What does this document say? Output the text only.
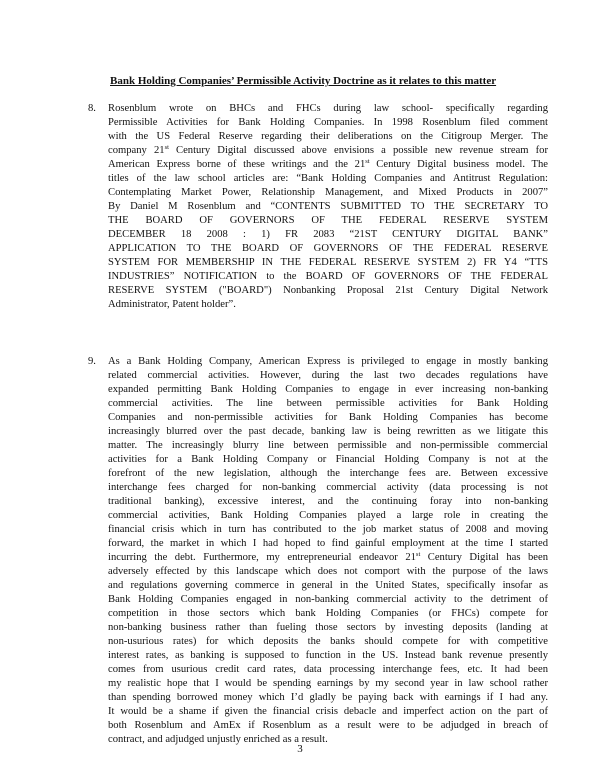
Bank Holding Companies’ Permissible Activity Doctrine as it relates to this matter
8. Rosenblum wrote on BHCs and FHCs during law school- specifically regarding
Permissible Activities for Bank Holding Companies. In 1998 Rosenblum filed comment
with the US Federal Reserve regarding their deliberations on the Citigroup Merger. The
company 21st Century Digital discussed above envisions a possible new revenue stream for
American Express borne of these writings and the 21st Century Digital business model. The
titles of the law school articles are: “Bank Holding Companies and Antitrust Regulation:
Contemplating Market Power, Relationship Management, and Mixed Products in 2007”
By Daniel M Rosenblum and “CONTENTS SUBMITTED TO THE SECRETARY TO
THE BOARD OF GOVERNORS OF THE FEDERAL RESERVE SYSTEM
DECEMBER 18 2008 : 1) FR 2083 “21ST CENTURY DIGITAL BANK”
APPLICATION TO THE BOARD OF GOVERNORS OF THE FEDERAL RESERVE
SYSTEM FOR MEMBERSHIP IN THE FEDERAL RESERVE SYSTEM 2) FR Y4 “TTS
INDUSTRIES” NOTIFICATION to the BOARD OF GOVERNORS OF THE FEDERAL
RESERVE SYSTEM ("BOARD") Nonbanking Proposal 21st Century Digital Network
Administrator, Patent holder”.
9. As a Bank Holding Company, American Express is privileged to engage in mostly banking
related commercial activities. However, during the last two decades regulations have
expanded permitting Bank Holding Companies to engage in ever increasing non-banking
commercial activities. The line between permissible activities for Bank Holding
Companies and non-permissible activities for Bank Holding Companies has become
increasingly blurred over the past decade, banking law is being rewritten as we litigate this
matter. The increasingly blurry line between permissible and non-permissible commercial
activities for a Bank Holding Company or Financial Holding Company is not at the
forefront of the new legislation, although the interchange fees are. Between excessive
interchange fees charged for non-banking commercial activity (data processing is not
traditional banking), excessive interest, and the continuing foray into non-banking
commercial activities, Bank Holding Companies played a large role in creating the
financial crisis which in turn has contributed to the job market status of 2008 and moving
forward, the market in which I had hoped to find gainful employment at the time I started
incurring the debt. Furthermore, my entrepreneurial endeavor 21st Century Digital has been
adversely effected by this landscape which does not comport with the purpose of the laws
and regulations governing commerce in general in the United States, specifically insofar as
Bank Holding Companies engaged in non-banking commercial activity to the detriment of
competition in those sectors which bank Holding Companies (or FHCs) compete for
non-banking business rather than fueling those sectors by investing deposits (landing at
non-usurious rates) for which deposits the banks should compete for with competitive
interest rates, as banking is supposed to function in the US. Instead bank revenue presently
comes from usurious credit card rates, data processing interchange fees, etc. It had been
my realistic hope that I would be spending earnings by my second year in law school rather
than spending borrowed money which I’d gladly be paying back with earnings if I had any.
It would be a shame if given the financial crisis debacle and imperfect action on the part of
both Rosenblum and AmEx if Rosenblum as a result were to be adjudged in breach of
contract, and adjudged unjustly enriched as a result.
3
